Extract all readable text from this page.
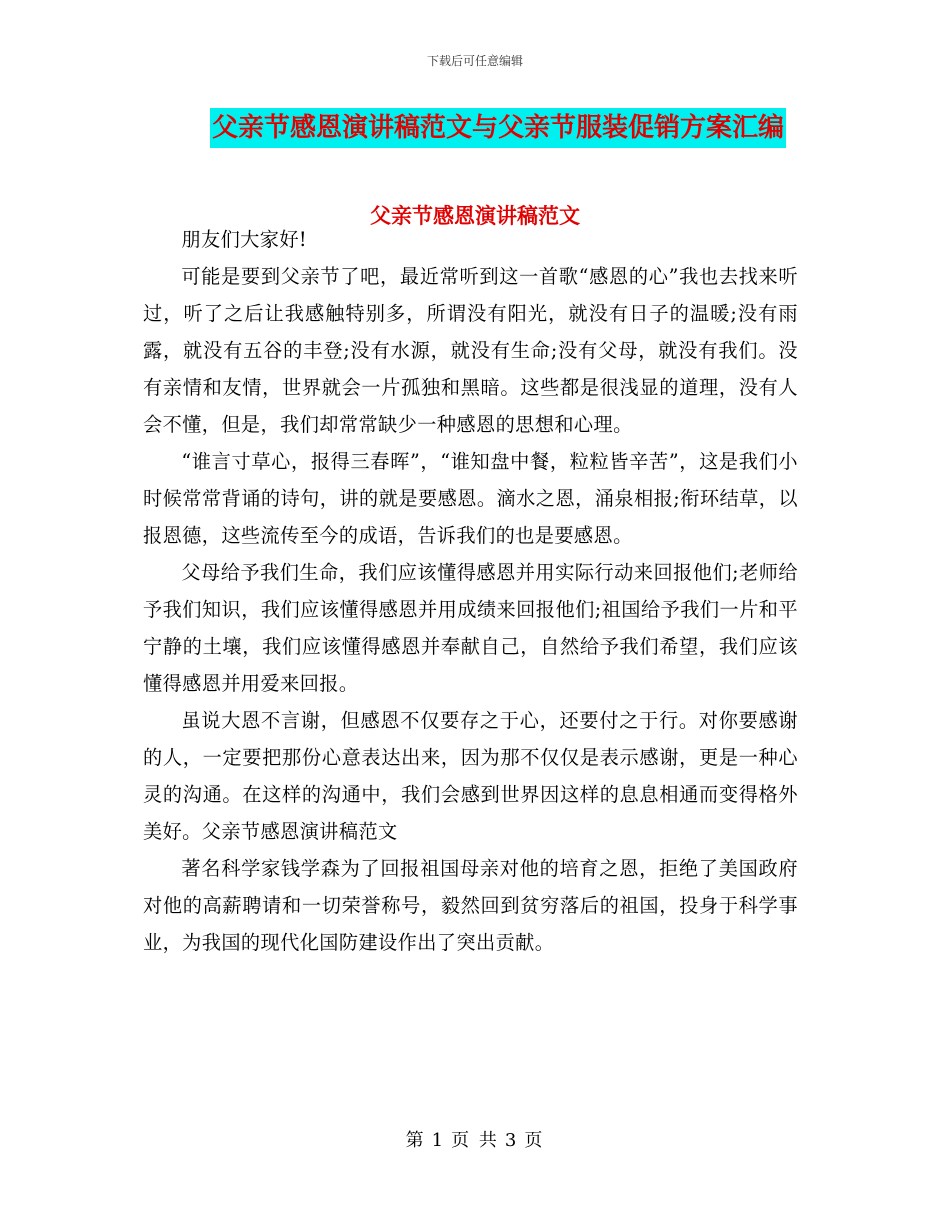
下载后可任意编辑
父亲节感恩演讲稿范文与父亲节服装促销方案汇编
父亲节感恩演讲稿范文

朋友们大家好!

可能是要到父亲节了吧，最近常听到这一首歌“感恩的心”我也去找来听过，听了之后让我感触特别多，所谓没有阳光，就没有日子的温暖;没有雨露，就没有五谷的丰登;没有水源，就没有生命;没有父母，就没有我们。没有亲情和友情，世界就会一片孤独和黑暗。这些都是很浅显的道理，没有人会不懂，但是，我们却常常缺少一种感恩的思想和心理。

“谁言寸草心，报得三春晖”，“谁知盘中餐，粒粒皆辛苦”，这是我们小时候常常背诵的诗句，讲的就是要感恩。滴水之恩，涌泉相报;衔环结草，以报恩德，这些流传至今的成语，告诉我们的也是要感恩。

父母给予我们生命，我们应该懂得感恩并用实际行动来回报他们;老师给予我们知识，我们应该懂得感恩并用成绩来回报他们;祖国给予我们一片和平宁静的土壤，我们应该懂得感恩并奉献自己，自然给予我们希望，我们应该懂得感恩并用爱来回报。

虽说大恩不言谢，但感恩不仅要存之于心，还要付之于行。对你要感谢的人，一定要把那份心意表达出来，因为那不仅仅是表示感谢，更是一种心灵的沟通。在这样的沟通中，我们会感到世界因这样的息息相通而变得格外美好。父亲节感恩演讲稿范文

著名科学家钱学森为了回报祖国母亲对他的培育之恩，拒绝了美国政府对他的高薪聘请和一切荣誉称号，毅然回到贫穷落后的祖国，投身于科学事业，为我国的现代化国防建设作出了突出贡献。

第 1 页 共 3 页
